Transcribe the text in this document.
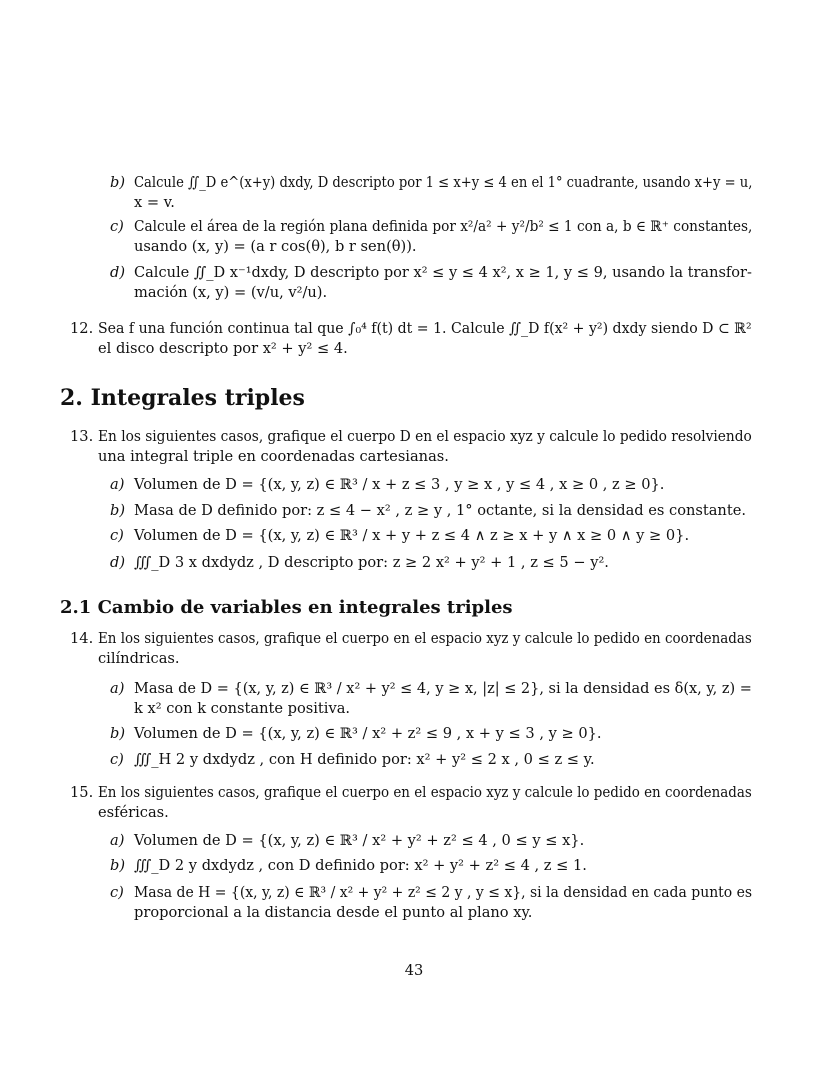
b) Calcule ∬_D e^(x+y) dxdy, D descripto por 1 ≤ x+y ≤ 4 en el 1° cuadrante, usando x+y = u,
x = v.
c) Calcule el área de la región plana definida por x²/a² + y²/b² ≤ 1 con a, b ∈ ℝ⁺ constantes,
usando (x, y) = (a r cos(θ), b r sen(θ)).
d) Calcule ∬_D x⁻¹dxdy, D descripto por x² ≤ y ≤ 4 x², x ≥ 1, y ≤ 9, usando la transfor-
mación (x, y) = (v/u, v²/u).
12. Sea f una función continua tal que ∫₀⁴ f(t) dt = 1. Calcule ∬_D f(x² + y²) dxdy siendo D ⊂ ℝ²
el disco descripto por x² + y² ≤ 4.
2. Integrales triples
13. En los siguientes casos, grafique el cuerpo D en el espacio xyz y calcule lo pedido resolviendo
una integral triple en coordenadas cartesianas.
a) Volumen de D = {(x, y, z) ∈ ℝ³ / x + z ≤ 3 , y ≥ x , y ≤ 4 , x ≥ 0 , z ≥ 0}.
b) Masa de D definido por: z ≤ 4 − x² , z ≥ y , 1° octante, si la densidad es constante.
c) Volumen de D = {(x, y, z) ∈ ℝ³ / x + y + z ≤ 4 ∧ z ≥ x + y ∧ x ≥ 0 ∧ y ≥ 0}.
d) ∭_D 3 x dxdydz , D descripto por: z ≥ 2 x² + y² + 1 , z ≤ 5 − y².
2.1 Cambio de variables en integrales triples
14. En los siguientes casos, grafique el cuerpo en el espacio xyz y calcule lo pedido en coordenadas
cilíndricas.
a) Masa de D = {(x, y, z) ∈ ℝ³ / x² + y² ≤ 4, y ≥ x, |z| ≤ 2}, si la densidad es δ(x, y, z) =
k x² con k constante positiva.
b) Volumen de D = {(x, y, z) ∈ ℝ³ / x² + z² ≤ 9 , x + y ≤ 3 , y ≥ 0}.
c) ∭_H 2 y dxdydz , con H definido por: x² + y² ≤ 2 x , 0 ≤ z ≤ y.
15. En los siguientes casos, grafique el cuerpo en el espacio xyz y calcule lo pedido en coordenadas
esféricas.
a) Volumen de D = {(x, y, z) ∈ ℝ³ / x² + y² + z² ≤ 4 , 0 ≤ y ≤ x}.
b) ∭_D 2 y dxdydz , con D definido por: x² + y² + z² ≤ 4 , z ≤ 1.
c) Masa de H = {(x, y, z) ∈ ℝ³ / x² + y² + z² ≤ 2 y , y ≤ x}, si la densidad en cada punto es
proporcional a la distancia desde el punto al plano xy.
43
